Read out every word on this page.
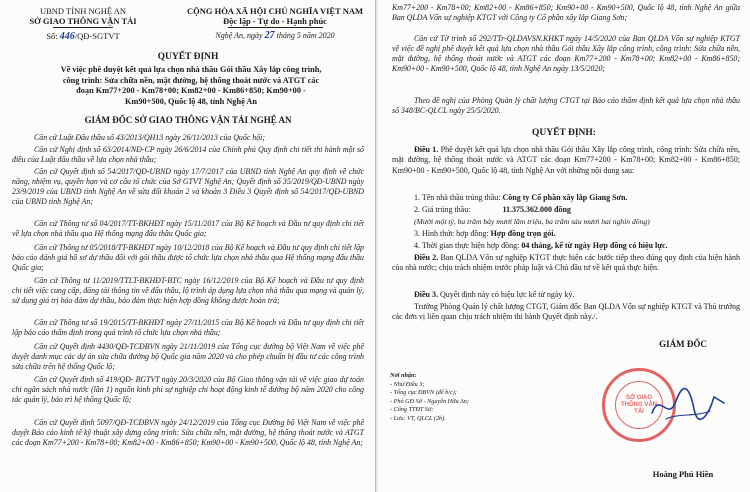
UBND TỈNH NGHỆ AN
SỞ GIAO THÔNG VẬN TẢI
Số: 446/QĐ-SGTVT
CỘNG HÒA XÃ HỘI CHỦ NGHĨA VIỆT NAM
Độc lập - Tự do - Hạnh phúc
Nghệ An, ngày 27 tháng 5 năm 2020
QUYẾT ĐỊNH
Về việc phê duyệt kết quả lựa chọn nhà thầu Gói thầu Xây lắp công trình,
công trình: Sửa chữa nền, mặt đường, hệ thống thoát nước và ATGT các
đoạn Km77+200 - Km78+00; Km82+00 - Km86+850; Km90+00 -
Km90+500, Quốc lộ 48, tỉnh Nghệ An
GIÁM ĐỐC SỞ GIAO THÔNG VẬN TẢI NGHỆ AN
Căn cứ Luật Đấu thầu số 43/2013/QH13 ngày 26/11/2013 của Quốc hội;
Căn cứ Nghị định số 63/2014/NĐ-CP ngày 26/6/2014 của Chính phủ Quy định chi tiết thi hành một số điều của Luật đấu thầu về lựa chọn nhà thầu;
Căn cứ Quyết định số 54/2017/QĐ-UBND ngày 17/7/2017 của UBND tỉnh Nghệ An quy định về chức năng, nhiệm vụ, quyền hạn và cơ cấu tổ chức của Sở GTVT Nghệ An; Quyết định số 35/2019/QĐ-UBND ngày 23/9/2019 của UBND tỉnh Nghệ An về sửa đổi khoản 2 và khoản 3 Điều 3 Quyết định số 54/2017/QĐ-UBND của UBND tỉnh Nghệ An;
Căn cứ Thông tư số 04/2017/TT-BKHĐT ngày 15/11/2017 của Bộ Kế hoạch và Đầu tư quy định chi tiết về lựa chọn nhà thầu qua Hệ thống mạng đấu thầu Quốc gia;
Căn cứ Thông tư 05/2018/TT-BKHĐT ngày 10/12/2018 của Bộ Kế hoạch và Đầu tư quy định chi tiết lập báo cáo đánh giá hồ sơ dự thầu đối với gói thầu được tổ chức lựa chọn nhà thầu qua Hệ thống mạng đấu thầu Quốc gia;
Căn cứ Thông tư 11/2019/TTLT-BKHĐT-BTC ngày 16/12/2019 của Bộ Kế hoạch và Đầu tư quy định chi tiết việc cung cấp, đăng tải thông tin về đấu thầu, lộ trình áp dụng lựa chọn nhà thầu qua mạng và quản lý, sử dụng giá trị bảo đảm dự thầu, bảo đảm thực hiện hợp đồng không được hoàn trả;
Căn cứ Thông tư số 19/2015/TT-BKHĐT ngày 27/11/2015 của Bộ Kế hoạch và Đầu tư quy định chi tiết lập báo cáo thẩm định trong quá trình tổ chức lựa chọn nhà thầu;
Căn cứ Quyết định 4430/QĐ-TCĐBVN ngày 21/11/2019 của Tổng cục đường bộ Việt Nam về việc phê duyệt danh mục các dự án sửa chữa đường bộ Quốc gia năm 2020 và cho phép chuẩn bị đầu tư các công trình sửa chữa trên hệ thống Quốc lộ;
Căn cứ Quyết định số 419/QĐ- BGTVT ngày 20/3/2020 của Bộ Giao thông vận tải về việc giao dự toán chi ngân sách nhà nước (lần 1) nguồn kinh phí sự nghiệp chi hoạt động kinh tế đường bộ năm 2020 cho công tác quản lý, bảo trì hệ thống Quốc lộ;
Căn cứ Quyết định 5097/QĐ-TCĐBVN ngày 24/12/2019 của Tổng cục Đường bộ Việt Nam về việc phê duyệt Báo cáo kinh tế kỹ thuật xây dựng công trình: Sửa chữa nền, mặt đường, hệ thống thoát nước và ATGT các đoạn Km77+200 - Km78+00; Km82+00 - Km86+850; Km90+00 - Km90+500, Quốc lộ 48, tỉnh Nghệ An;
Km77+200 - Km78+00; Km82+00 - Km86+850; Km90+00 - Km90+500, Quốc lộ 48, tỉnh Nghệ An giữa Ban QLDA Vốn sự nghiệp KTGT với Công ty Cổ phần xây lắp Giang Sơn;
Căn cứ Tờ trình số 292/TTr-QLDAVSN.KHKT ngày 14/5/2020 của Ban QLDA Vốn sự nghiệp KTGT về việc đề nghị phê duyệt kết quả lựa chọn nhà thầu Gói thầu Xây lắp công trình, công trình: Sửa chữa nền, mặt đường, hệ thống thoát nước và ATGT các đoạn Km77+200 - Km78+00; Km82+00 - Km86+850; Km90+00 - Km90+500, Quốc lộ 48, tỉnh Nghệ An ngày 13/5/2020;
Theo đề nghị của Phòng Quản lý chất lượng CTGT tại Báo cáo thẩm định kết quả lựa chọn nhà thầu số 348/BC-QLCL ngày 25/5/2020.
QUYẾT ĐỊNH:
Điều 1. Phê duyệt kết quả lựa chọn nhà thầu Gói thầu Xây lắp công trình, công trình: Sửa chữa nền, mặt đường, hệ thống thoát nước và ATGT các đoạn Km77+200 - Km78+00; Km82+00 - Km86+850; Km90+00 - Km90+500, Quốc lộ 48, tỉnh Nghệ An với những nội dung sau:
1. Tên nhà thầu trúng thầu: Công ty Cổ phần xây lắp Giang Sơn.
2. Giá trúng thầu:	11.375.362.000 đồng
(Mười một tỷ, ba trăm bảy mươi lăm triệu, ba trăm sáu mươi hai nghìn đồng)
3. Hình thức hợp đồng: Hợp đồng trọn gói.
4. Thời gian thực hiện hợp đồng: 04 tháng, kể từ ngày Hợp đồng có hiệu lực.
Điều 2. Ban QLDA Vốn sự nghiệp KTGT thực hiện các bước tiếp theo đúng quy định của hiện hành của nhà nước; chịu trách nhiệm trước pháp luật và Chủ đầu tư về kết quả thực hiện.
Điều 3. Quyết định này có hiệu lực kể từ ngày ký.
Trưởng Phòng Quản lý chất lượng CTGT, Giám đốc Ban QLDA Vốn sự nghiệp KTGT và Thủ trưởng các đơn vị liên quan chịu trách nhiệm thi hành Quyết định này./.
GIÁM ĐỐC
Hoàng Phú Hiền
Nơi nhận:
- Như Điều 3;
- Tổng cục ĐBVN (để b/c);
- Phó GĐ Sở - Nguyễn Hữu An;
- Cổng TTĐT Sở;
- Lưu: VT, QLCL (2b).
SỞ GIAO THÔNG VẬN TẢI
